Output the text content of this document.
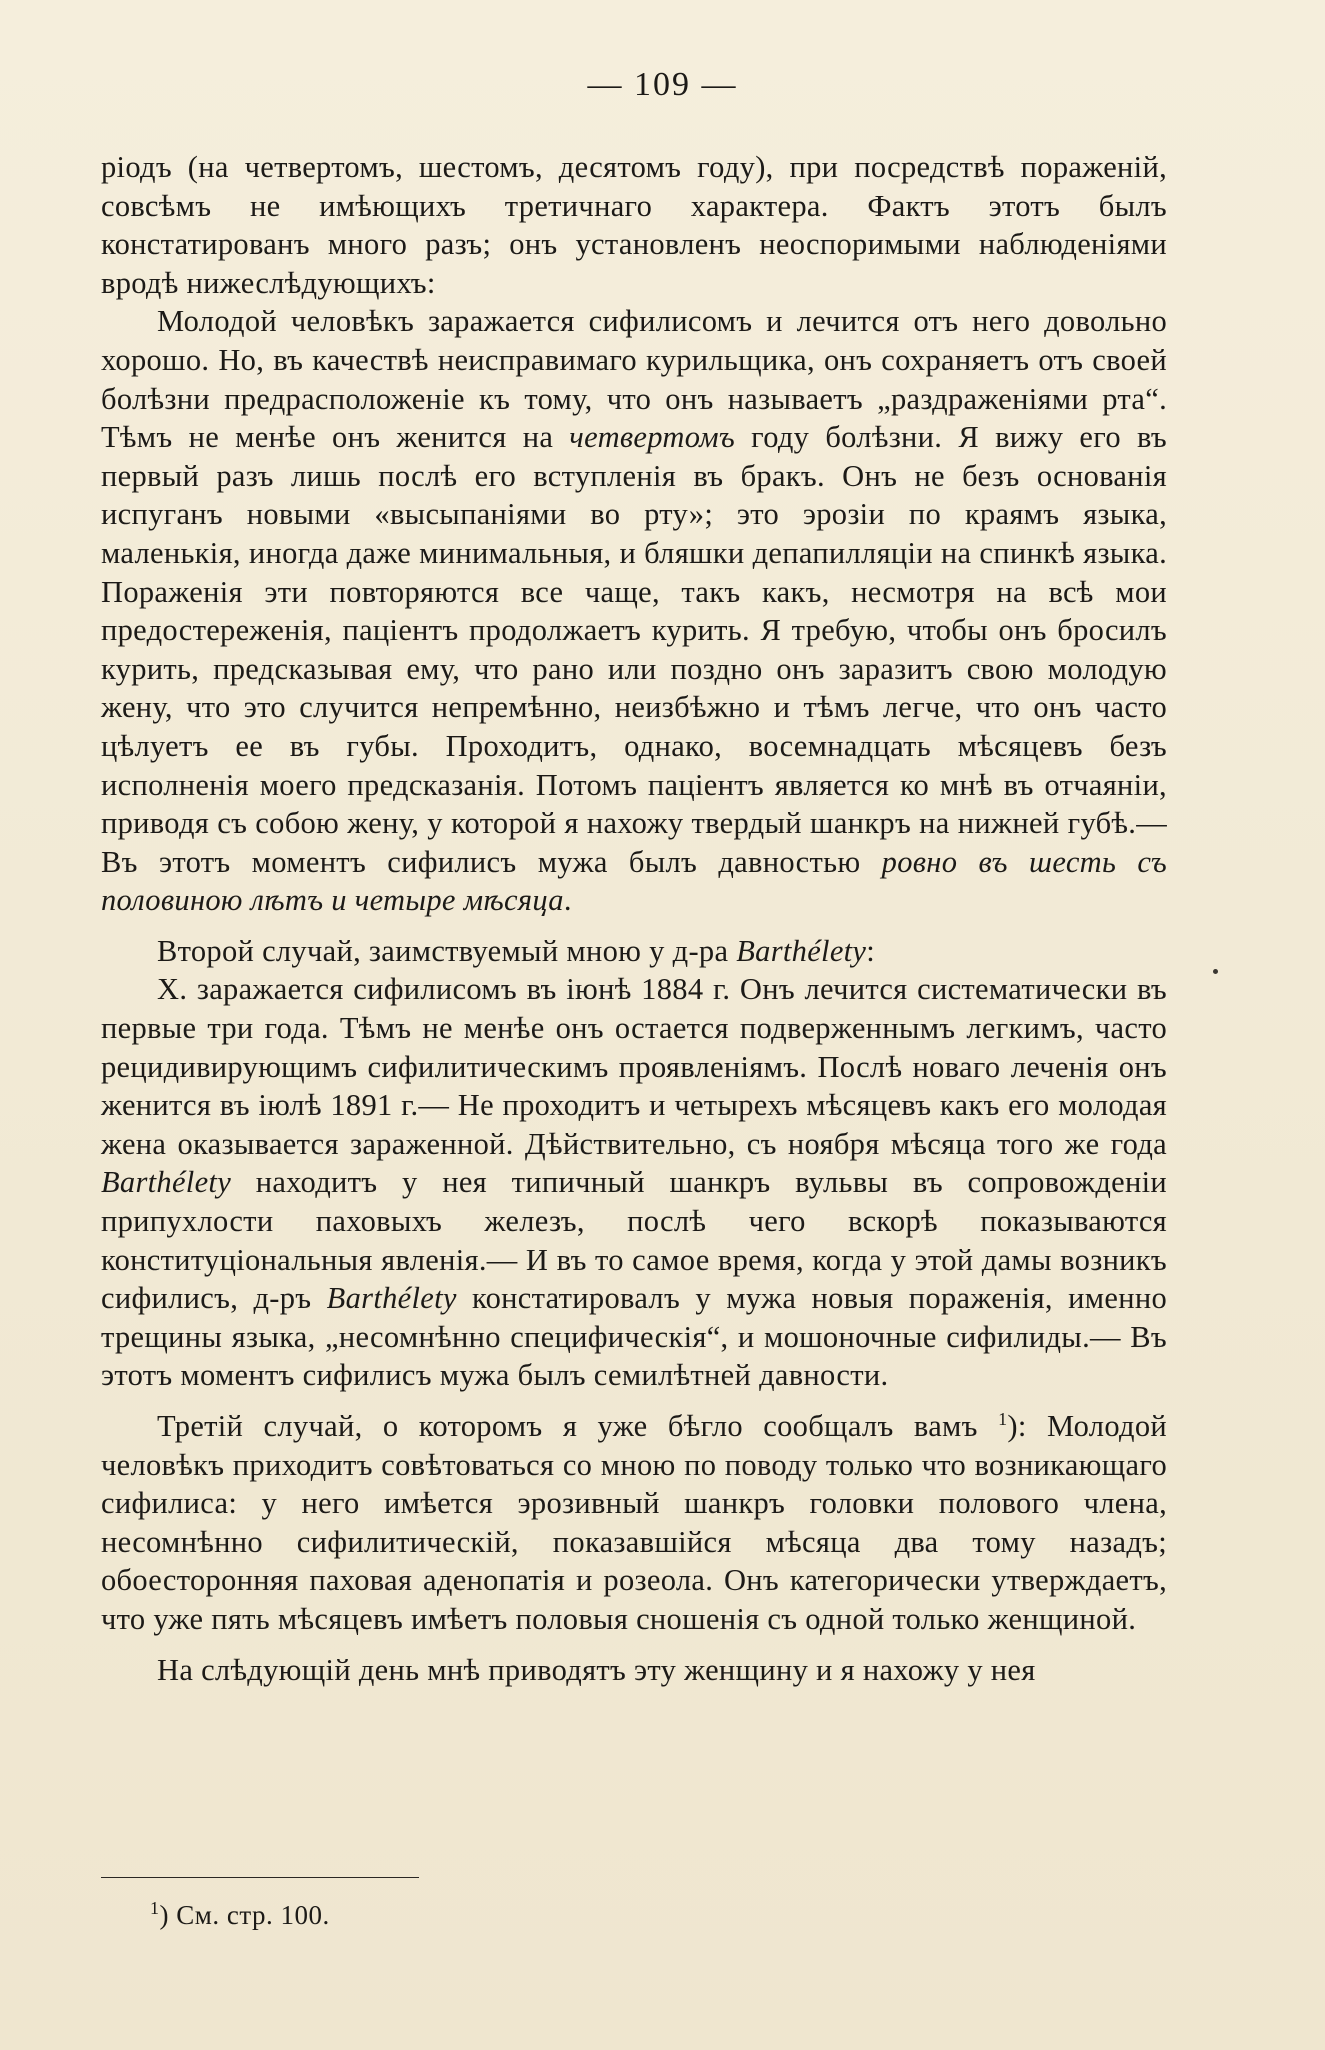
— 109 —

ріодъ (на четвертомъ, шестомъ, десятомъ году), при посредствѣ пораженій, совсѣмъ не имѣющихъ третичнаго характера. Фактъ этотъ былъ констатированъ много разъ; онъ установленъ неоспоримыми наблюденіями вродѣ нижеслѣдующихъ:

Молодой человѣкъ заражается сифилисомъ и лечится отъ него довольно хорошо. Но, въ качествѣ неисправимаго курильщика, онъ сохраняетъ отъ своей болѣзни предрасположеніе къ тому, что онъ называетъ „раздраженіями рта“. Тѣмъ не менѣе онъ женится на четвертомъ году болѣзни. Я вижу его въ первый разъ лишь послѣ его вступленія въ бракъ. Онъ не безъ основанія испуганъ новыми «высыпаніями во рту»; это эрозіи по краямъ языка, маленькія, иногда даже минимальныя, и бляшки депапилляціи на спинкѣ языка. Пораженія эти повторяются все чаще, такъ какъ, несмотря на всѣ мои предостереженія, паціентъ продолжаетъ курить. Я требую, чтобы онъ бросилъ курить, предсказывая ему, что рано или поздно онъ заразитъ свою молодую жену, что это случится непремѣнно, неизбѣжно и тѣмъ легче, что онъ часто цѣлуетъ ее въ губы. Проходитъ, однако, восемнадцать мѣсяцевъ безъ исполненія моего предсказанія. Потомъ паціентъ является ко мнѣ въ отчаяніи, приводя съ собою жену, у которой я нахожу твердый шанкръ на нижней губѣ.— Въ этотъ моментъ сифилисъ мужа былъ давностью ровно въ шесть съ половиною лѣтъ и четыре мѣсяца.

Второй случай, заимствуемый мною у д-ра Barthélety:

X. заражается сифилисомъ въ іюнѣ 1884 г. Онъ лечится систематически въ первые три года. Тѣмъ не менѣе онъ остается подверженнымъ легкимъ, часто рецидивирующимъ сифилитическимъ проявленіямъ. Послѣ новаго леченія онъ женится въ іюлѣ 1891 г.— Не проходитъ и четырехъ мѣсяцевъ какъ его молодая жена оказывается зараженной. Дѣйствительно, съ ноября мѣсяца того же года Barthélety находитъ у нея типичный шанкръ вульвы въ сопровожденіи припухлости паховыхъ железъ, послѣ чего вскорѣ показываются конституціональныя явленія.— И въ то самое время, когда у этой дамы возникъ сифилисъ, д-ръ Barthélety констатировалъ у мужа новыя пораженія, именно трещины языка, „несомнѣнно специфическія“, и мошоночные сифилиды.— Въ этотъ моментъ сифилисъ мужа былъ семилѣтней давности.

Третій случай, о которомъ я уже бѣгло сообщалъ вамъ $^1$): Молодой человѣкъ приходитъ совѣтоваться со мною по поводу только что возникающаго сифилиса: у него имѣется эрозивный шанкръ головки полового члена, несомнѣнно сифилитическій, показавшійся мѣсяца два тому назадъ; обоесторонняя паховая аденопатія и розеола. Онъ категорически утверждаетъ, что уже пять мѣсяцевъ имѣетъ половыя сношенія съ одной только женщиной.

На слѣдующій день мнѣ приводятъ эту женщину и я нахожу у нея

$^1$) См. стр. 100.
